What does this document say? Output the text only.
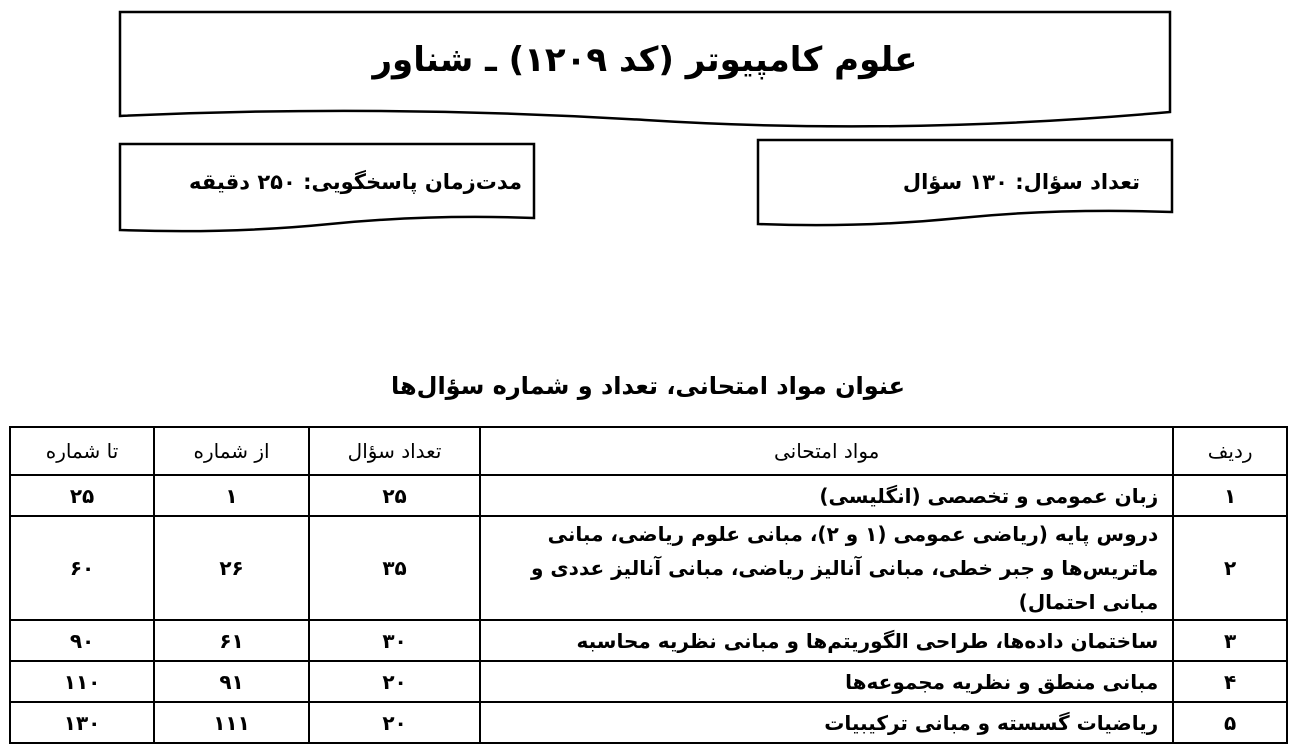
علوم کامپیوتر (کد ۱۲۰۹) ـ شناور
تعداد سؤال: ۱۳۰ سؤال
مدت‌زمان پاسخگویی: ۲۵۰ دقیقه
عنوان مواد امتحانی، تعداد و شماره سؤال‌ها
ردیف	مواد امتحانی	تعداد سؤال	از شماره	تا شماره
۱	زبان عمومی و تخصصی (انگلیسی)	۲۵	۱	۲۵
۲	دروس پایه (ریاضی عمومی (۱ و ۲)، مبانی علوم ریاضی، مبانی ماتریس‌ها و جبر خطی، مبانی آنالیز ریاضی، مبانی آنالیز عددی و مبانی احتمال)	۳۵	۲۶	۶۰
۳	ساختمان داده‌ها، طراحی الگوریتم‌ها و مبانی نظریه محاسبه	۳۰	۶۱	۹۰
۴	مبانی منطق و نظریه مجموعه‌ها	۲۰	۹۱	۱۱۰
۵	ریاضیات گسسته و مبانی ترکیبیات	۲۰	۱۱۱	۱۳۰
